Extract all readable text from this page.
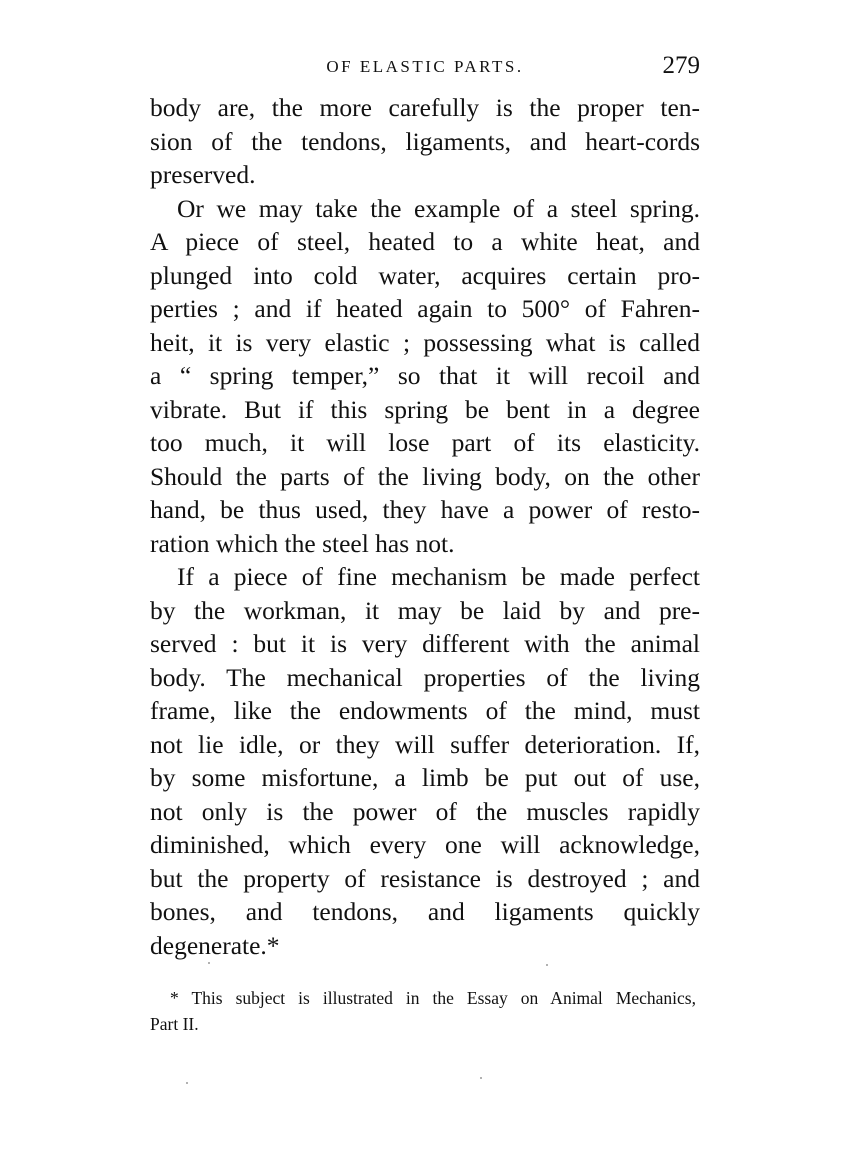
OF ELASTIC PARTS.	279

body are, the more carefully is the proper ten-
sion of the tendons, ligaments, and heart-cords
preserved.

Or we may take the example of a steel spring.
A piece of steel, heated to a white heat, and
plunged into cold water, acquires certain pro-
perties ; and if heated again to 500° of Fahren-
heit, it is very elastic ; possessing what is called
a “ spring temper,” so that it will recoil and
vibrate. But if this spring be bent in a degree
too much, it will lose part of its elasticity.
Should the parts of the living body, on the other
hand, be thus used, they have a power of resto-
ration which the steel has not.

If a piece of fine mechanism be made perfect
by the workman, it may be laid by and pre-
served : but it is very different with the animal
body. The mechanical properties of the living
frame, like the endowments of the mind, must
not lie idle, or they will suffer deterioration. If,
by some misfortune, a limb be put out of use,
not only is the power of the muscles rapidly
diminished, which every one will acknowledge,
but the property of resistance is destroyed ; and
bones, and tendons, and ligaments quickly
degenerate.*

* This subject is illustrated in the Essay on Animal Mechanics,
Part II.
